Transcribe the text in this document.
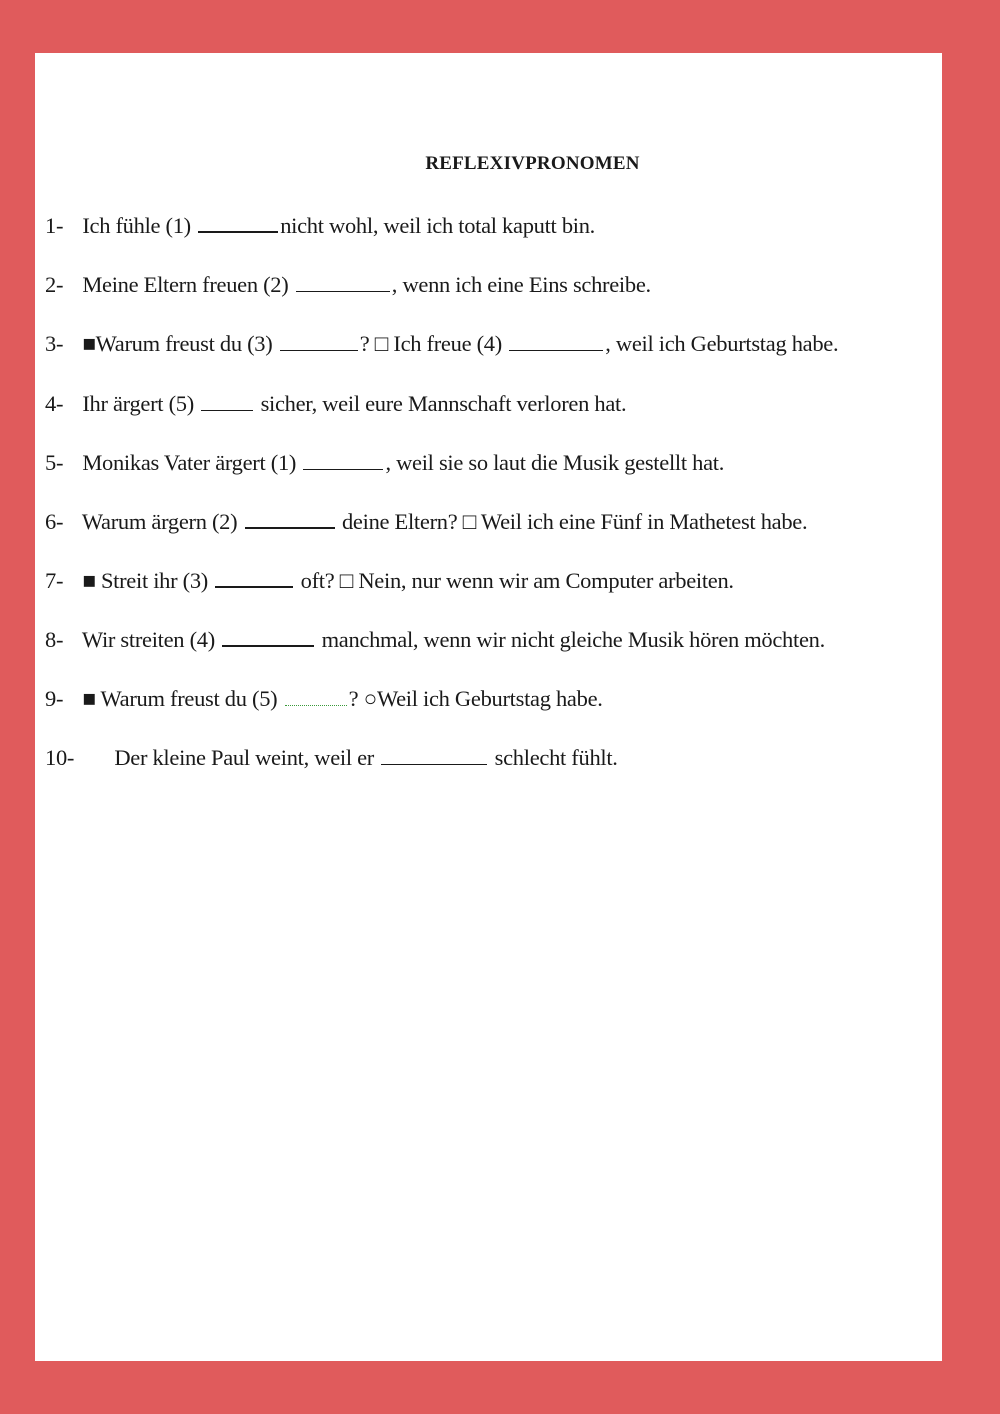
REFLEXIVPRONOMEN
1- Ich fühle (1)	nicht wohl, weil ich total kaputt bin.
2- Meine Eltern freuen (2)	, wenn ich eine Eins schreibe.
3- ■Warum freust du (3)	? □ Ich freue (4)	, weil ich Geburtstag habe.
4- Ihr ärgert (5)	sicher, weil eure Mannschaft verloren hat.
5- Monikas Vater ärgert (1)	, weil sie so laut die Musik gestellt hat.
6- Warum ärgern (2)	deine Eltern? □ Weil ich eine Fünf in Mathetest habe.
7- ■ Streit ihr (3)	oft? □ Nein, nur wenn wir am Computer arbeiten.
8- Wir streiten (4)	manchmal, wenn wir nicht gleiche Musik hören möchten.
9- ■ Warum freust du (5)	? ○Weil ich Geburtstag habe.
10- Der kleine Paul weint, weil er	schlecht fühlt.
